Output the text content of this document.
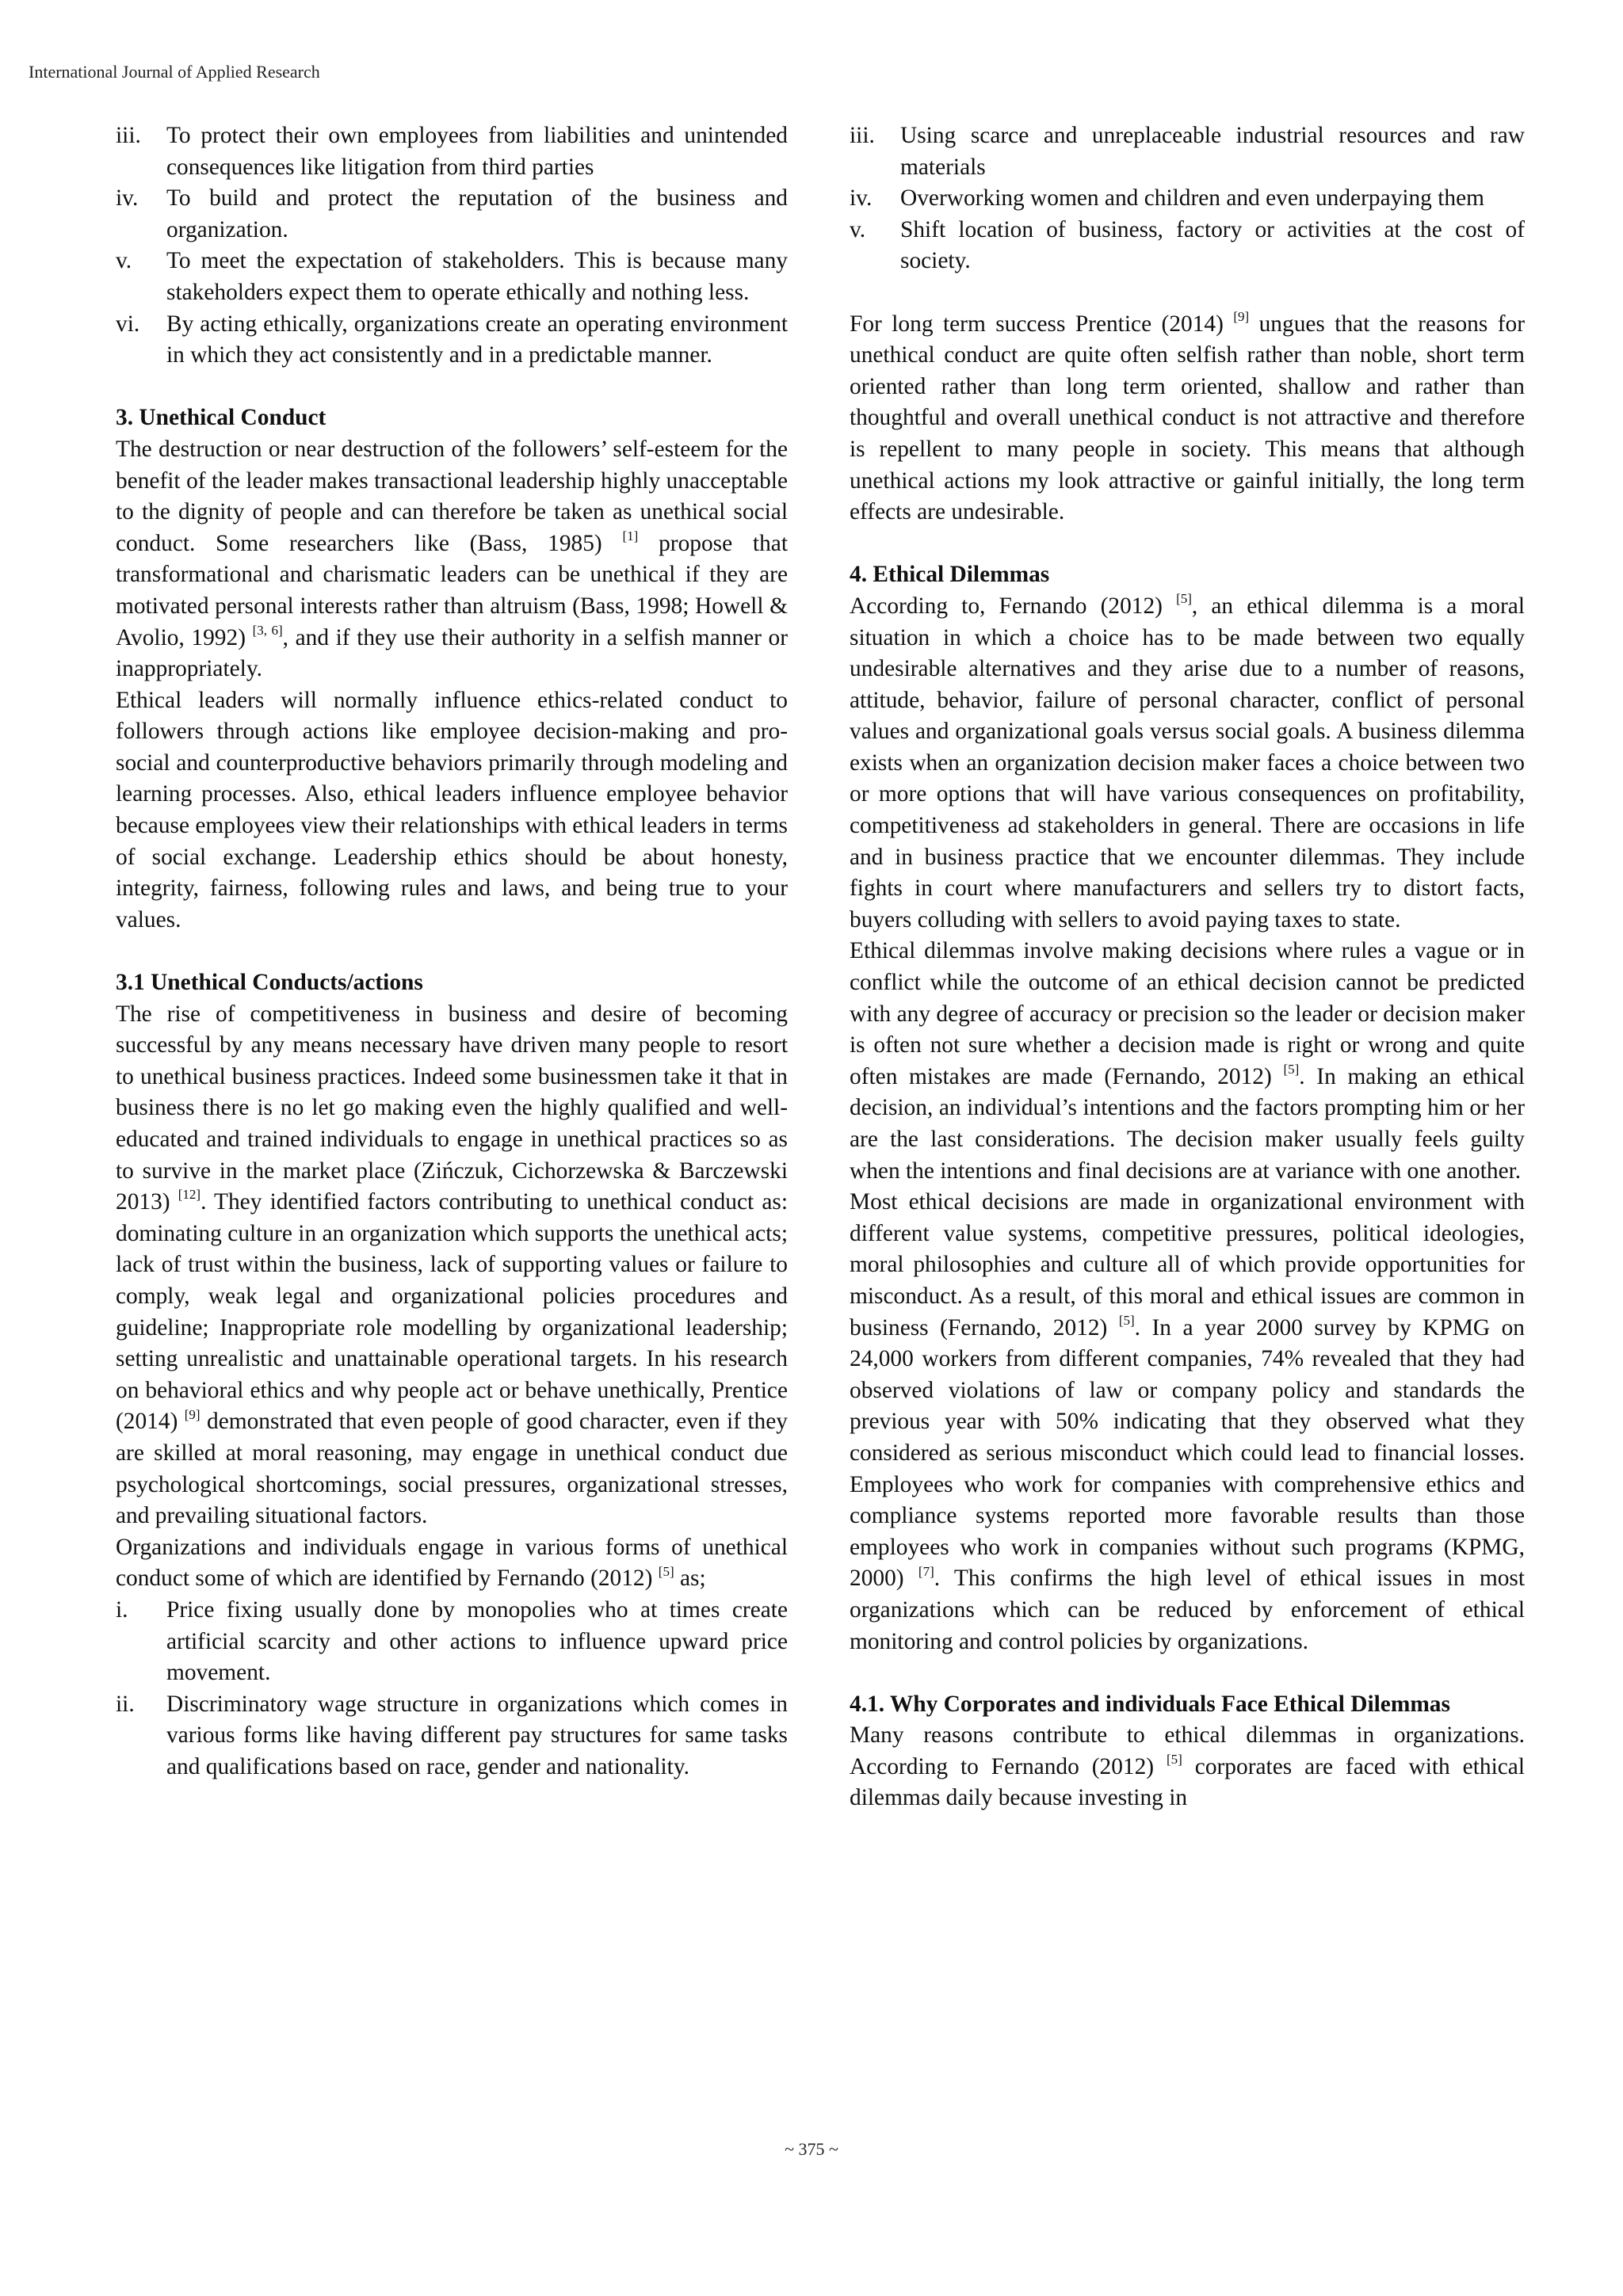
International Journal of Applied Research
iii. To protect their own employees from liabilities and unintended consequences like litigation from third parties
iv. To build and protect the reputation of the business and organization.
v. To meet the expectation of stakeholders. This is because many stakeholders expect them to operate ethically and nothing less.
vi. By acting ethically, organizations create an operating environment in which they act consistently and in a predictable manner.

3. Unethical Conduct

The destruction or near destruction of the followers’ self-esteem for the benefit of the leader makes transactional leadership highly unacceptable to the dignity of people and can therefore be taken as unethical social conduct. Some researchers like (Bass, 1985) [1] propose that transformational and charismatic leaders can be unethical if they are motivated personal interests rather than altruism (Bass, 1998; Howell & Avolio, 1992) [3, 6], and if they use their authority in a selfish manner or inappropriately.

Ethical leaders will normally influence ethics-related conduct to followers through actions like employee decision-making and pro-social and counterproductive behaviors primarily through modeling and learning processes. Also, ethical leaders influence employee behavior because employees view their relationships with ethical leaders in terms of social exchange. Leadership ethics should be about honesty, integrity, fairness, following rules and laws, and being true to your values.

3.1 Unethical Conducts/actions

The rise of competitiveness in business and desire of becoming successful by any means necessary have driven many people to resort to unethical business practices. Indeed some businessmen take it that in business there is no let go making even the highly qualified and well-educated and trained individuals to engage in unethical practices so as to survive in the market place (Zińczuk, Cichorzewska & Barczewski 2013) [12]. They identified factors contributing to unethical conduct as: dominating culture in an organization which supports the unethical acts; lack of trust within the business, lack of supporting values or failure to comply, weak legal and organizational policies procedures and guideline; Inappropriate role modelling by organizational leadership; setting unrealistic and unattainable operational targets. In his research on behavioral ethics and why people act or behave unethically, Prentice (2014) [9] demonstrated that even people of good character, even if they are skilled at moral reasoning, may engage in unethical conduct due psychological shortcomings, social pressures, organizational stresses, and prevailing situational factors.

Organizations and individuals engage in various forms of unethical conduct some of which are identified by Fernando (2012) [5] as;

i. Price fixing usually done by monopolies who at times create artificial scarcity and other actions to influence upward price movement.
ii. Discriminatory wage structure in organizations which comes in various forms like having different pay structures for same tasks and qualifications based on race, gender and nationality.
iii. Using scarce and unreplaceable industrial resources and raw materials
iv. Overworking women and children and even underpaying them
v. Shift location of business, factory or activities at the cost of society.

For long term success Prentice (2014) [9] ungues that the reasons for unethical conduct are quite often selfish rather than noble, short term oriented rather than long term oriented, shallow and rather than thoughtful and overall unethical conduct is not attractive and therefore is repellent to many people in society. This means that although unethical actions my look attractive or gainful initially, the long term effects are undesirable.

4. Ethical Dilemmas

According to, Fernando (2012) [5], an ethical dilemma is a moral situation in which a choice has to be made between two equally undesirable alternatives and they arise due to a number of reasons, attitude, behavior, failure of personal character, conflict of personal values and organizational goals versus social goals. A business dilemma exists when an organization decision maker faces a choice between two or more options that will have various consequences on profitability, competitiveness ad stakeholders in general. There are occasions in life and in business practice that we encounter dilemmas. They include fights in court where manufacturers and sellers try to distort facts, buyers colluding with sellers to avoid paying taxes to state.

Ethical dilemmas involve making decisions where rules a vague or in conflict while the outcome of an ethical decision cannot be predicted with any degree of accuracy or precision so the leader or decision maker is often not sure whether a decision made is right or wrong and quite often mistakes are made (Fernando, 2012) [5]. In making an ethical decision, an individual’s intentions and the factors prompting him or her are the last considerations. The decision maker usually feels guilty when the intentions and final decisions are at variance with one another.

Most ethical decisions are made in organizational environment with different value systems, competitive pressures, political ideologies, moral philosophies and culture all of which provide opportunities for misconduct. As a result, of this moral and ethical issues are common in business (Fernando, 2012) [5]. In a year 2000 survey by KPMG on 24,000 workers from different companies, 74% revealed that they had observed violations of law or company policy and standards the previous year with 50% indicating that they observed what they considered as serious misconduct which could lead to financial losses. Employees who work for companies with comprehensive ethics and compliance systems reported more favorable results than those employees who work in companies without such programs (KPMG, 2000) [7]. This confirms the high level of ethical issues in most organizations which can be reduced by enforcement of ethical monitoring and control policies by organizations.

4.1. Why Corporates and individuals Face Ethical Dilemmas

Many reasons contribute to ethical dilemmas in organizations. According to Fernando (2012) [5] corporates are faced with ethical dilemmas daily because investing in

~ 375 ~
